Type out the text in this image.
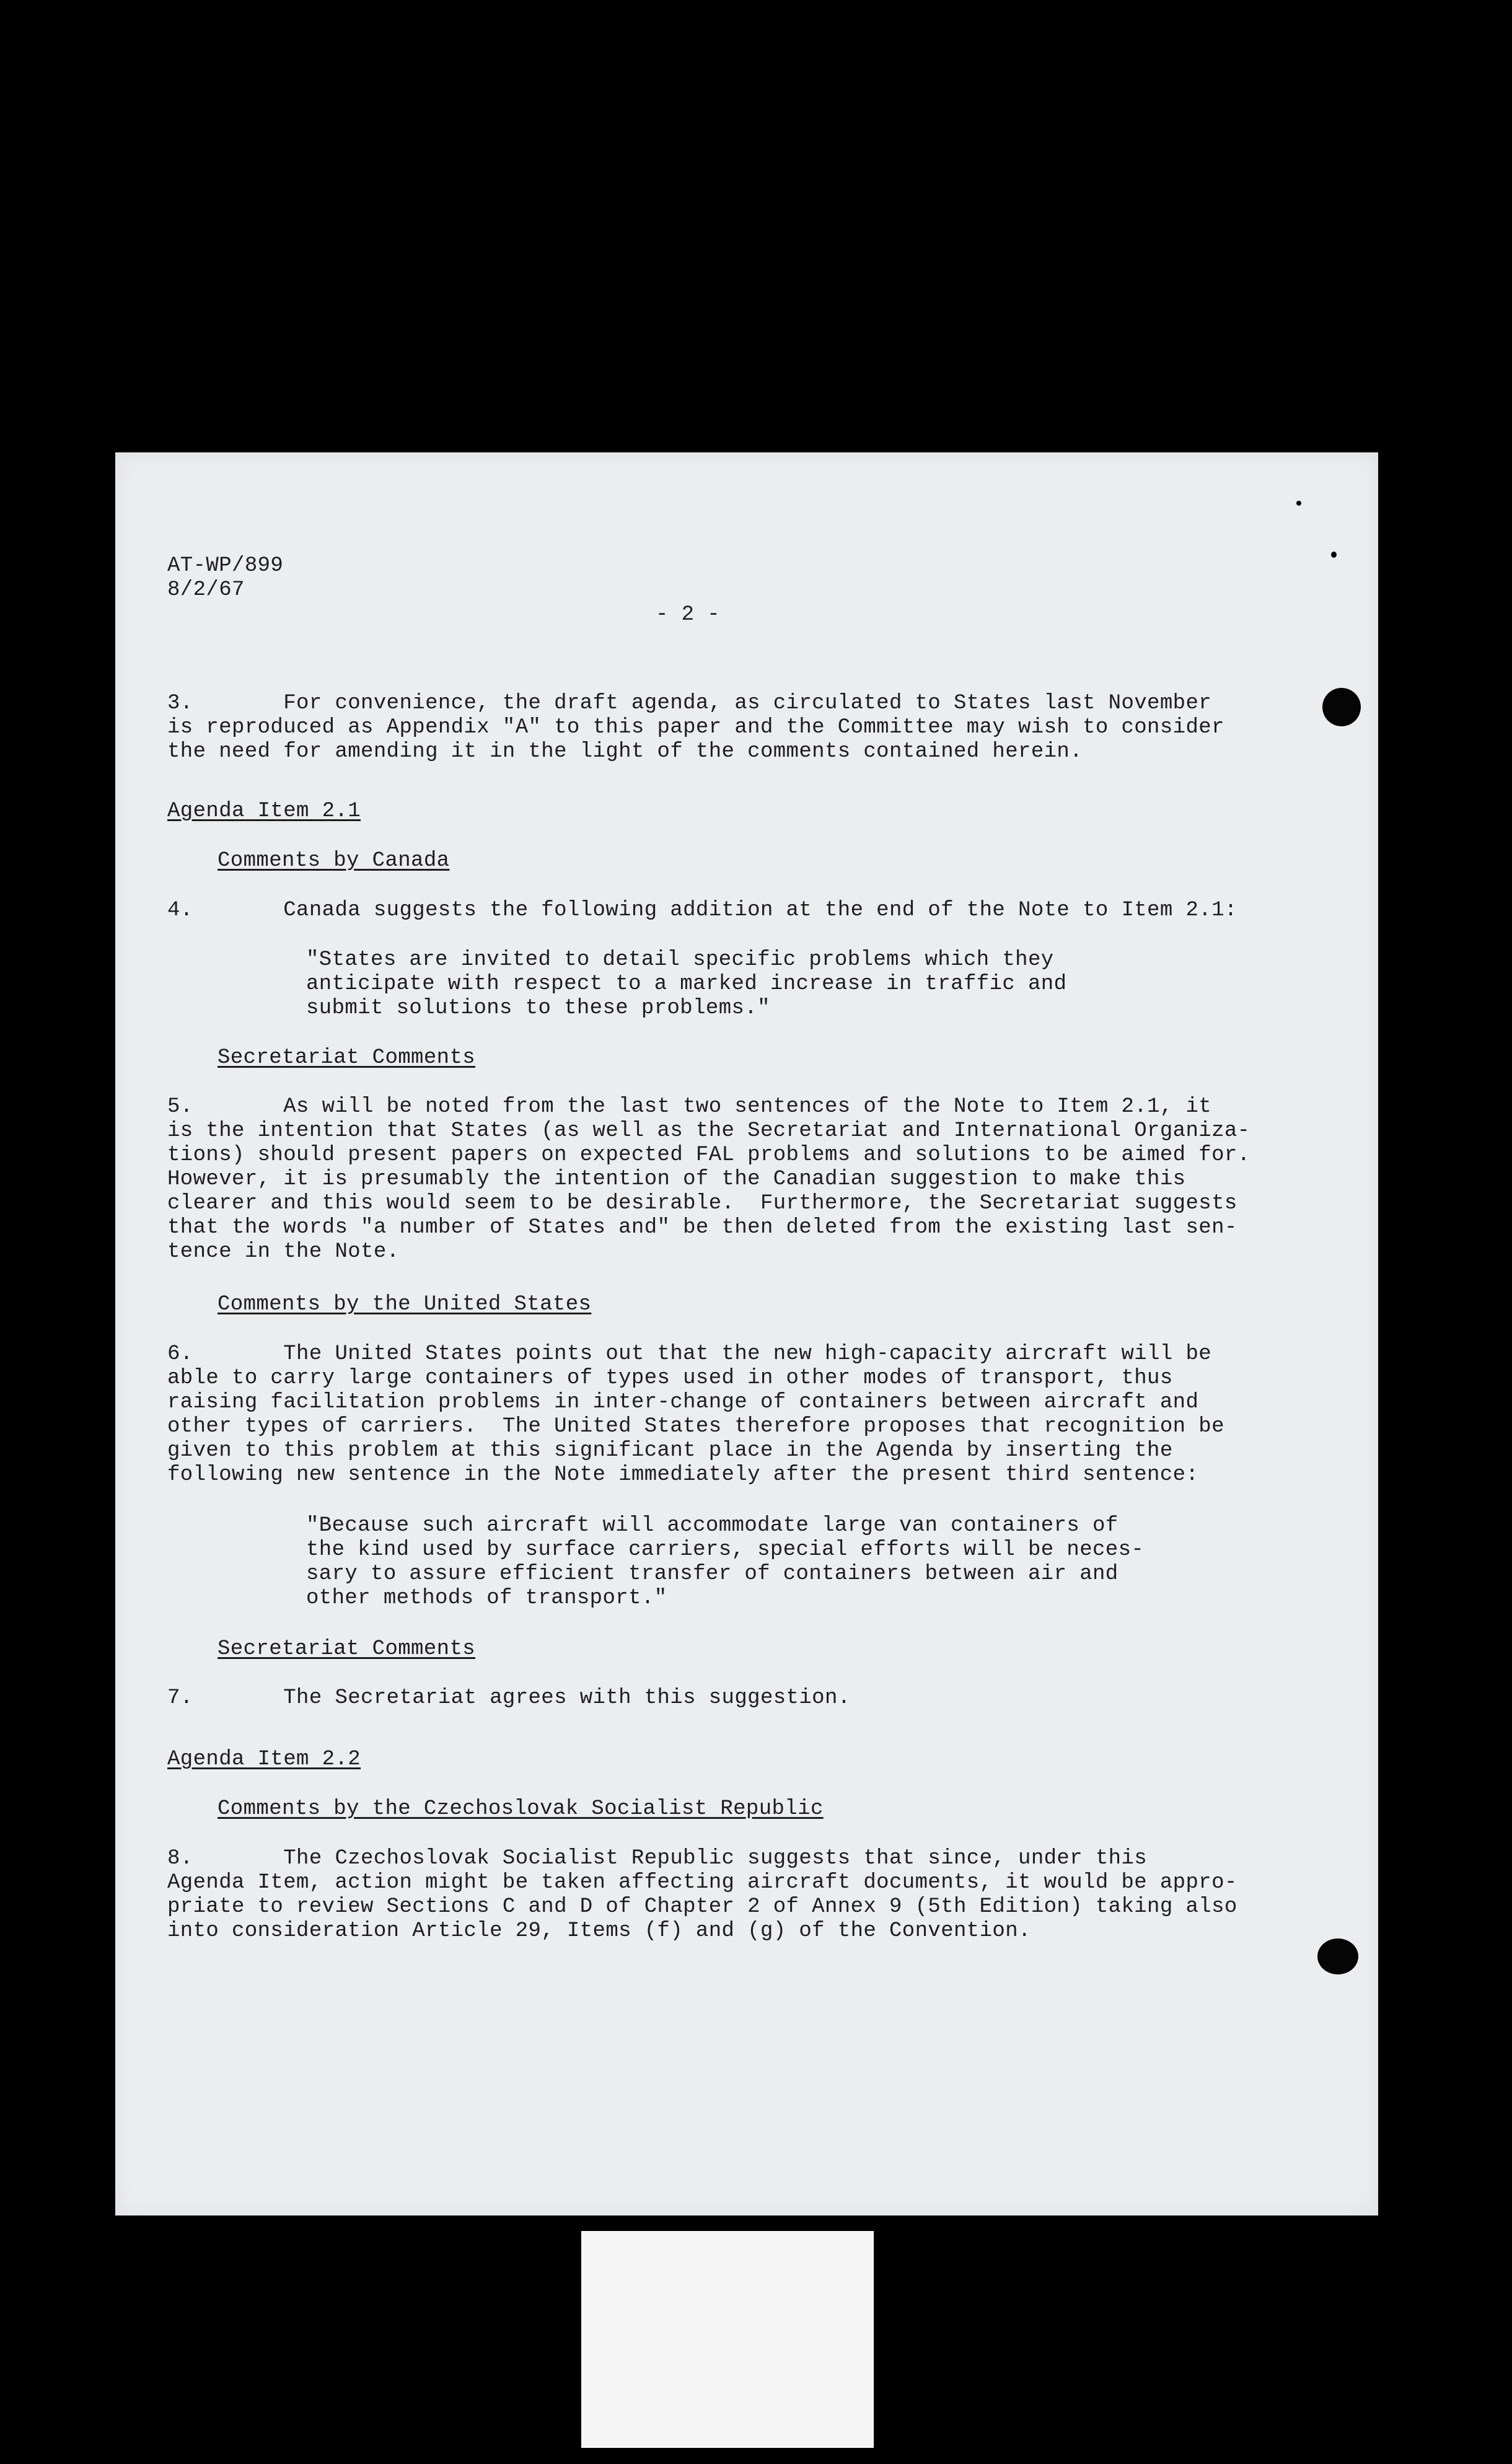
AT-WP/899
8/2/67
- 2 -
3.       For convenience, the draft agenda, as circulated to States last November
is reproduced as Appendix "A" to this paper and the Committee may wish to consider
the need for amending it in the light of the comments contained herein.
Agenda Item 2.1
Comments by Canada
4.       Canada suggests the following addition at the end of the Note to Item 2.1:
"States are invited to detail specific problems which they
anticipate with respect to a marked increase in traffic and
submit solutions to these problems."
Secretariat Comments
5.       As will be noted from the last two sentences of the Note to Item 2.1, it
is the intention that States (as well as the Secretariat and International Organiza-
tions) should present papers on expected FAL problems and solutions to be aimed for.
However, it is presumably the intention of the Canadian suggestion to make this
clearer and this would seem to be desirable.  Furthermore, the Secretariat suggests
that the words "a number of States and" be then deleted from the existing last sen-
tence in the Note.
Comments by the United States
6.       The United States points out that the new high-capacity aircraft will be
able to carry large containers of types used in other modes of transport, thus
raising facilitation problems in inter-change of containers between aircraft and
other types of carriers.  The United States therefore proposes that recognition be
given to this problem at this significant place in the Agenda by inserting the
following new sentence in the Note immediately after the present third sentence:
"Because such aircraft will accommodate large van containers of
the kind used by surface carriers, special efforts will be neces-
sary to assure efficient transfer of containers between air and
other methods of transport."
Secretariat Comments
7.       The Secretariat agrees with this suggestion.
Agenda Item 2.2
Comments by the Czechoslovak Socialist Republic
8.       The Czechoslovak Socialist Republic suggests that since, under this
Agenda Item, action might be taken affecting aircraft documents, it would be appro-
priate to review Sections C and D of Chapter 2 of Annex 9 (5th Edition) taking also
into consideration Article 29, Items (f) and (g) of the Convention.
